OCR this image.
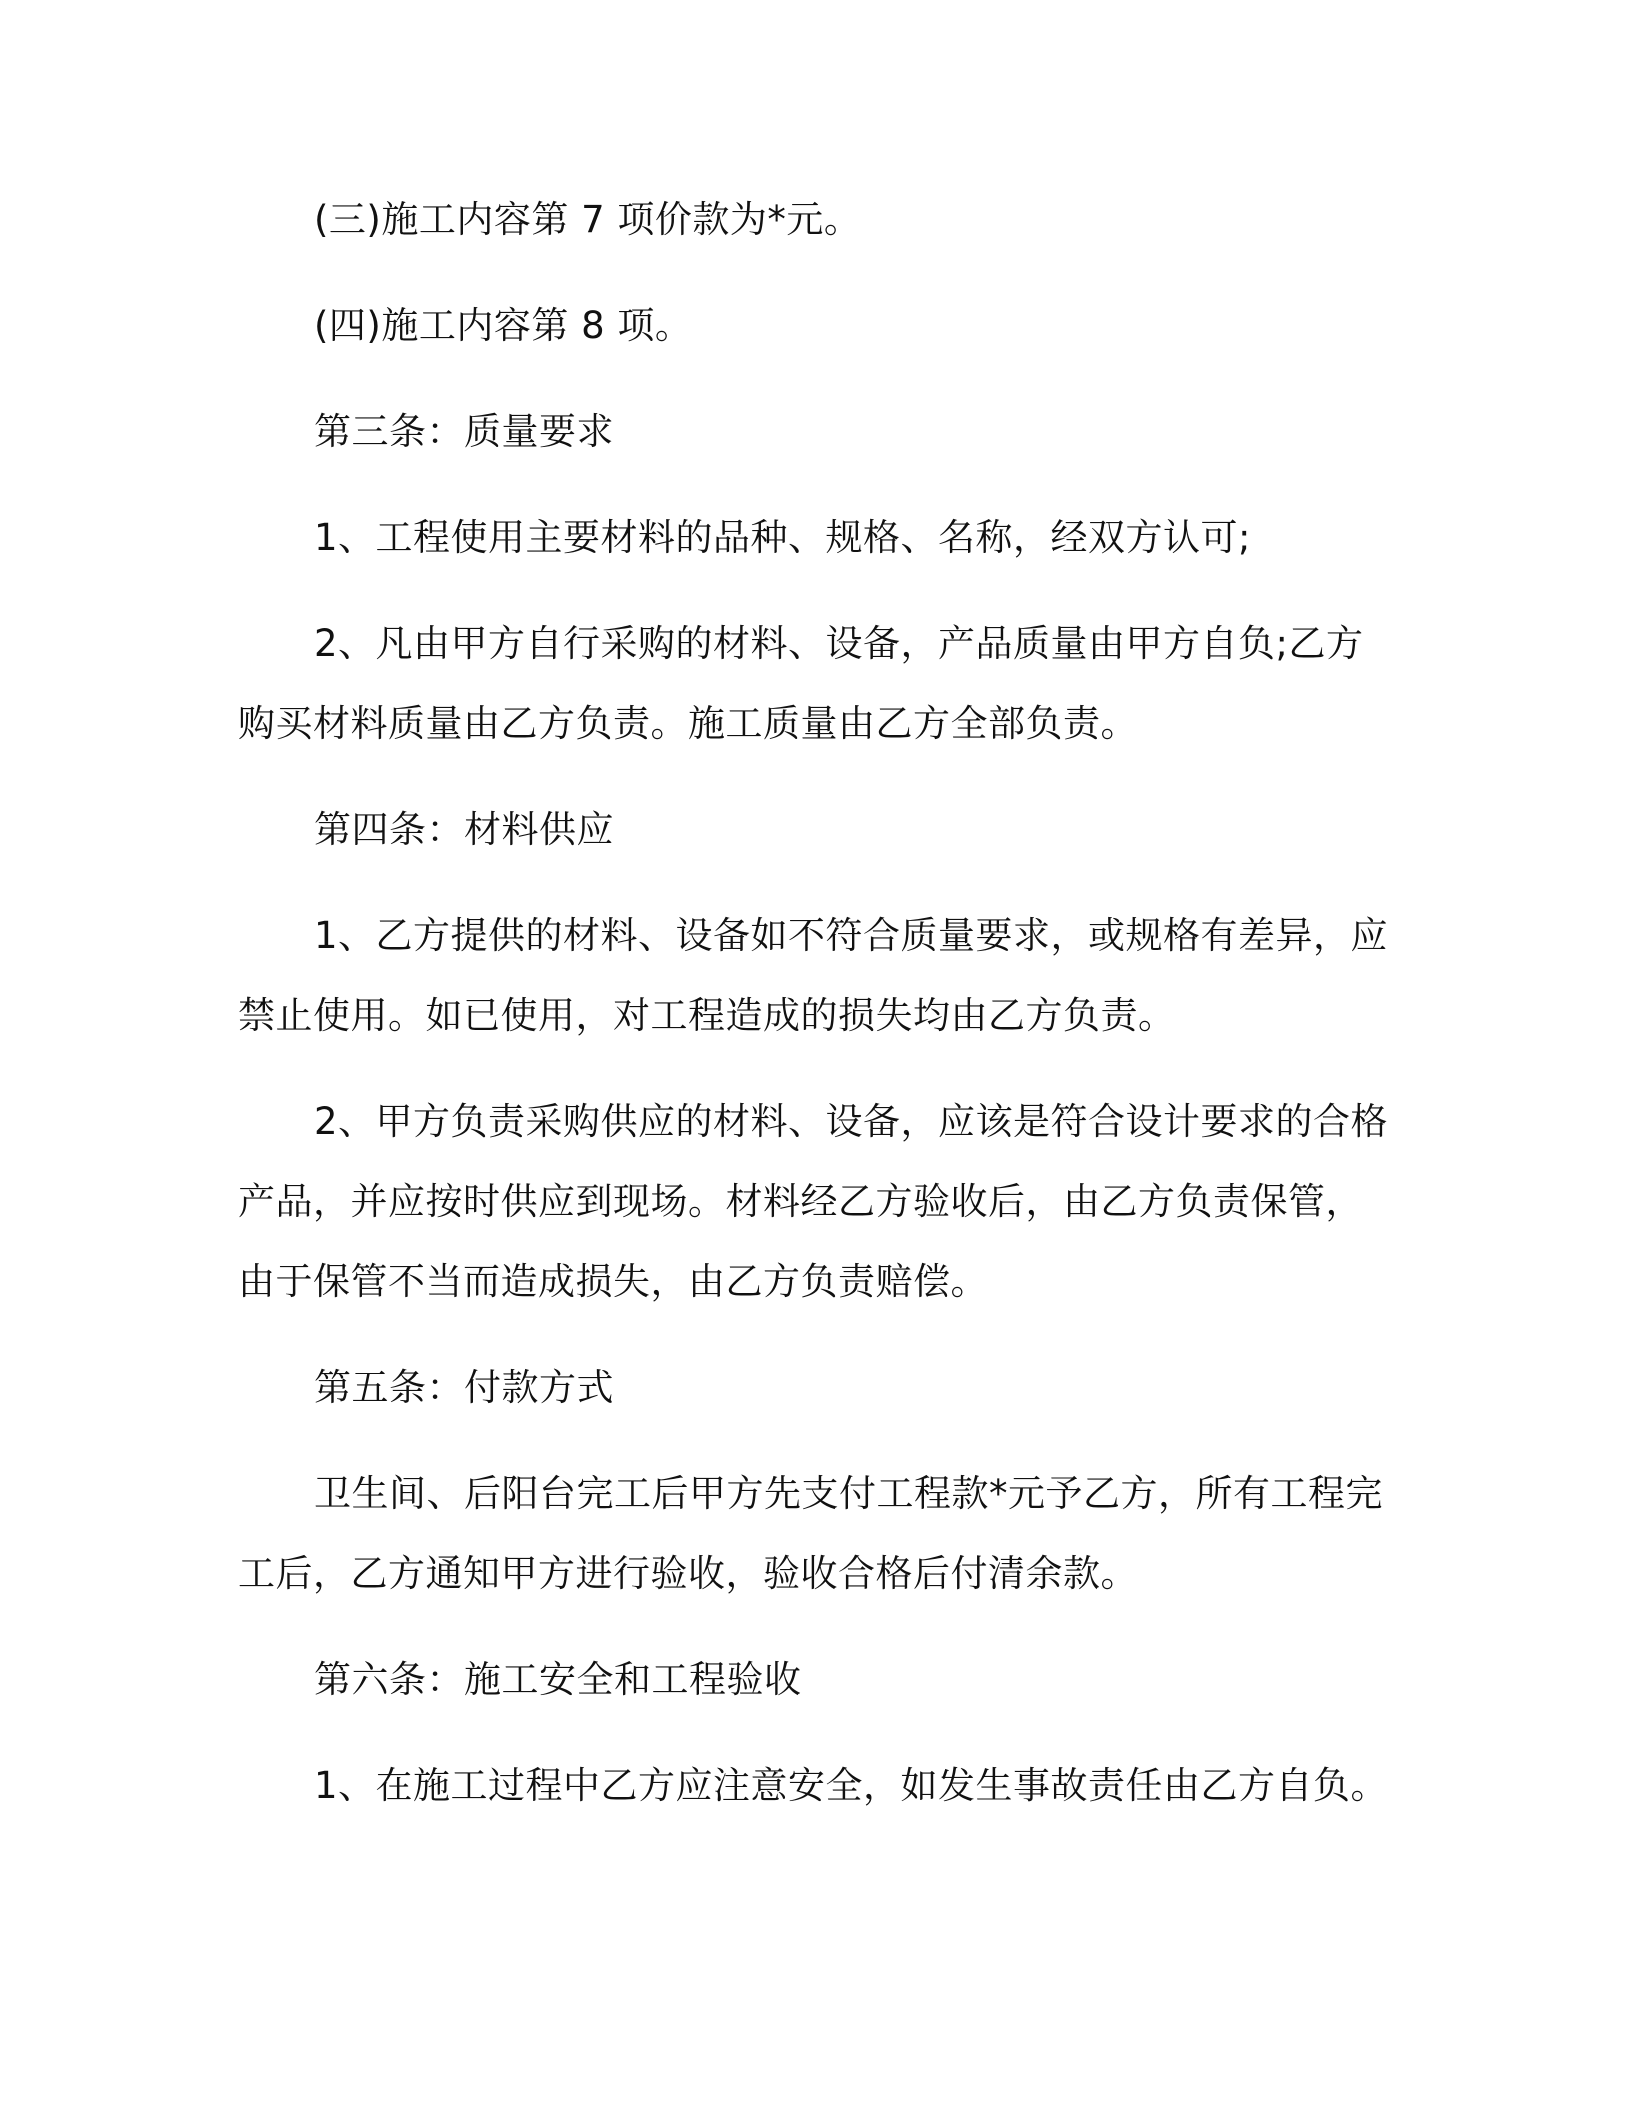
(三)施工内容第 7 项价款为*元。

(四)施工内容第 8 项。

第三条：质量要求

1、工程使用主要材料的品种、规格、名称，经双方认可;

2、凡由甲方自行采购的材料、设备，产品质量由甲方自负;乙方购买材料质量由乙方负责。施工质量由乙方全部负责。

第四条：材料供应

1、乙方提供的材料、设备如不符合质量要求，或规格有差异，应禁止使用。如已使用，对工程造成的损失均由乙方负责。

2、甲方负责采购供应的材料、设备，应该是符合设计要求的合格产品，并应按时供应到现场。材料经乙方验收后，由乙方负责保管，由于保管不当而造成损失，由乙方负责赔偿。

第五条：付款方式

卫生间、后阳台完工后甲方先支付工程款*元予乙方，所有工程完工后，乙方通知甲方进行验收，验收合格后付清余款。

第六条：施工安全和工程验收

1、在施工过程中乙方应注意安全，如发生事故责任由乙方自负。
